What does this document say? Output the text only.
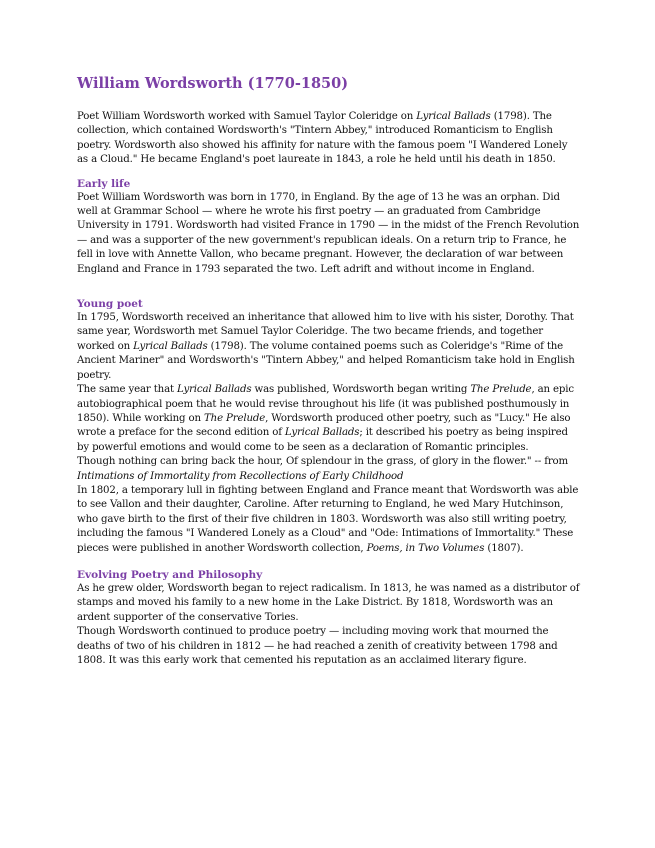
William Wordsworth (1770-1850)

Poet William Wordsworth worked with Samuel Taylor Coleridge on Lyrical Ballads (1798). The collection, which contained Wordsworth's "Tintern Abbey," introduced Romanticism to English poetry. Wordsworth also showed his affinity for nature with the famous poem "I Wandered Lonely as a Cloud." He became England's poet laureate in 1843, a role he held until his death in 1850.

Early life

Poet William Wordsworth was born in 1770, in England. By the age of 13 he was an orphan. Did well at Grammar School — where he wrote his first poetry — an graduated from Cambridge University in 1791. Wordsworth had visited France in 1790 — in the midst of the French Revolution — and was a supporter of the new government's republican ideals. On a return trip to France, he fell in love with Annette Vallon, who became pregnant. However, the declaration of war between England and France in 1793 separated the two. Left adrift and without income in England.

Young poet

In 1795, Wordsworth received an inheritance that allowed him to live with his sister, Dorothy. That same year, Wordsworth met Samuel Taylor Coleridge. The two became friends, and together worked on Lyrical Ballads (1798). The volume contained poems such as Coleridge's "Rime of the Ancient Mariner" and Wordsworth's "Tintern Abbey," and helped Romanticism take hold in English poetry.

The same year that Lyrical Ballads was published, Wordsworth began writing The Prelude, an epic autobiographical poem that he would revise throughout his life (it was published posthumously in 1850). While working on The Prelude, Wordsworth produced other poetry, such as "Lucy." He also wrote a preface for the second edition of Lyrical Ballads; it described his poetry as being inspired by powerful emotions and would come to be seen as a declaration of Romantic principles.

Though nothing can bring back the hour, Of splendour in the grass, of glory in the flower." -- from Intimations of Immortality from Recollections of Early Childhood

In 1802, a temporary lull in fighting between England and France meant that Wordsworth was able to see Vallon and their daughter, Caroline. After returning to England, he wed Mary Hutchinson, who gave birth to the first of their five children in 1803. Wordsworth was also still writing poetry, including the famous "I Wandered Lonely as a Cloud" and "Ode: Intimations of Immortality." These pieces were published in another Wordsworth collection, Poems, in Two Volumes (1807).

Evolving Poetry and Philosophy

As he grew older, Wordsworth began to reject radicalism. In 1813, he was named as a distributor of stamps and moved his family to a new home in the Lake District. By 1818, Wordsworth was an ardent supporter of the conservative Tories.

Though Wordsworth continued to produce poetry — including moving work that mourned the deaths of two of his children in 1812 — he had reached a zenith of creativity between 1798 and 1808. It was this early work that cemented his reputation as an acclaimed literary figure.
